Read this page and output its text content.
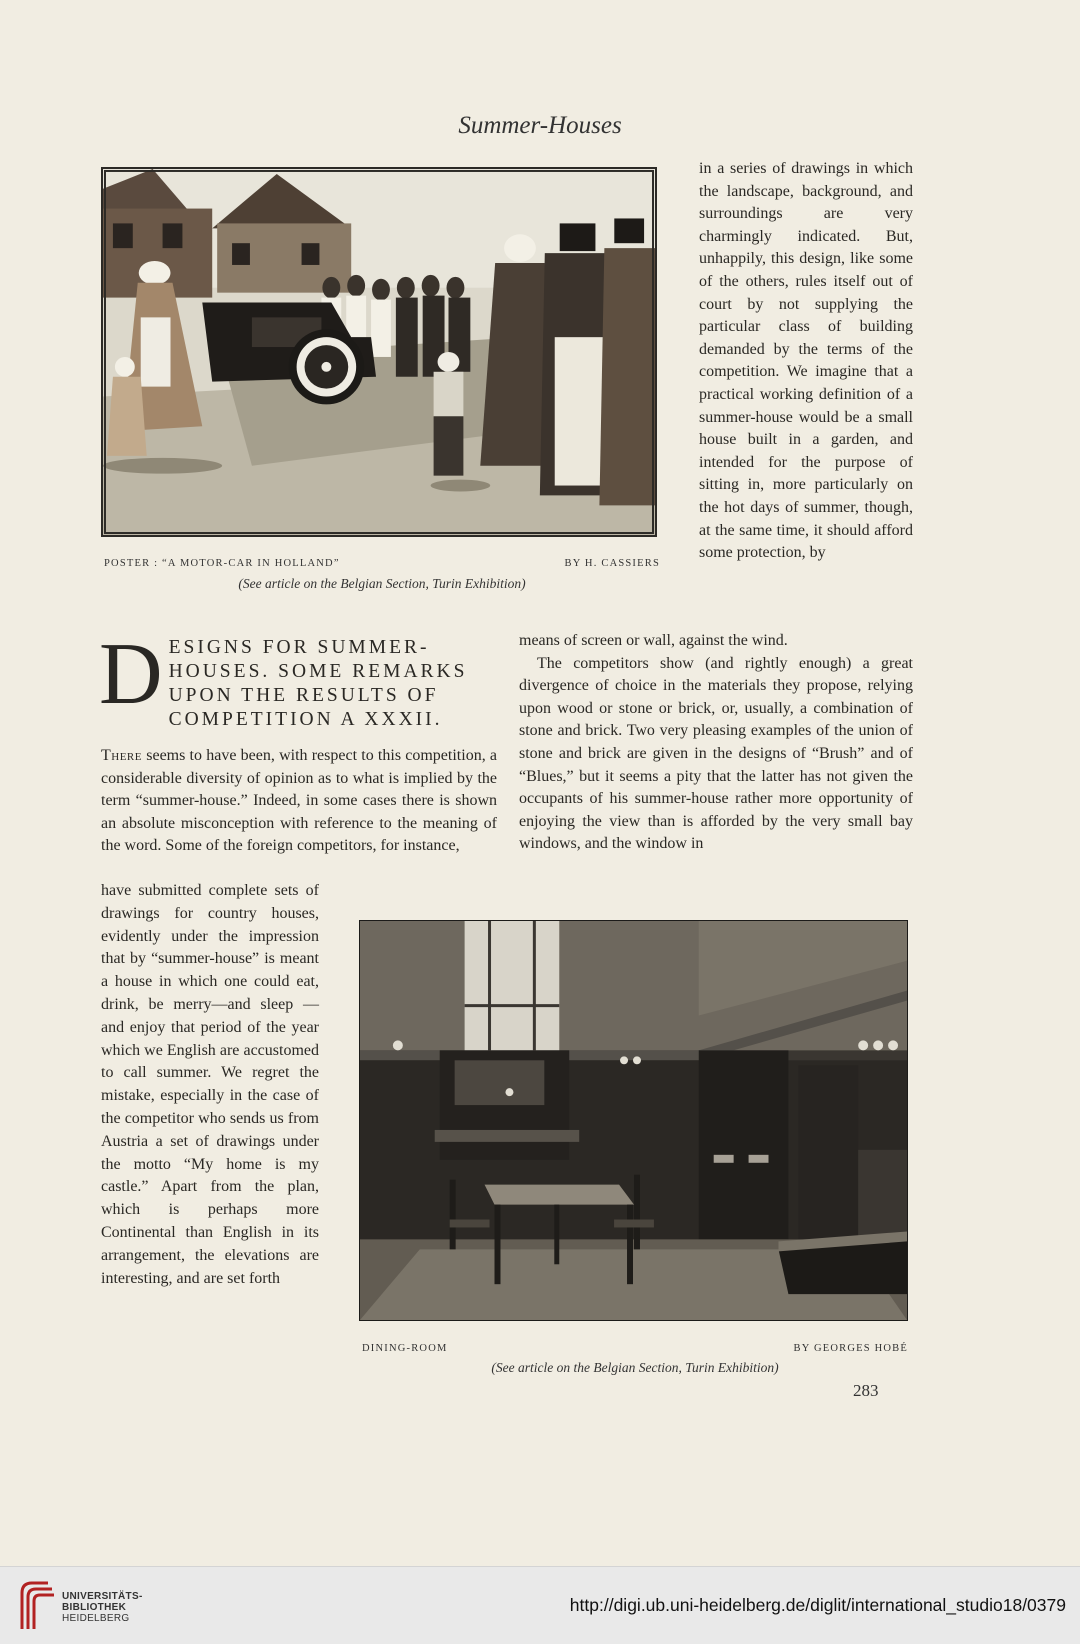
Summer-Houses
POSTER : “A MOTOR-CAR IN HOLLAND”	BY H. CASSIERS
(See article on the Belgian Section, Turin Exhibition)

in a series of drawings in which the landscape, background, and surroundings are very charmingly indicated. But, unhappily, this design, like some of the others, rules itself out of court by not supplying the particular class of building demanded by the terms of the competition. We imagine that a practical working definition of a summer-house would be a small house built in a garden, and intended for the purpose of sitting in, more particularly on the hot days of summer, though, at the same time, it should afford some protection, by

D ESIGNS FOR SUMMER-HOUSES. SOME REMARKS UPON THE RESULTS OF COMPETITION A XXXII.
There seems to have been, with respect to this competition, a considerable diversity of opinion as to what is implied by the term “summer-house.” Indeed, in some cases there is shown an absolute misconception with reference to the meaning of the word. Some of the foreign competitors, for instance,
have submitted complete sets of drawings for country houses, evidently under the impression that by “summer-house” is meant a house in which one could eat, drink, be merry—and sleep — and enjoy that period of the year which we English are accustomed to call summer. We regret the mistake, especially in the case of the competitor who sends us from Austria a set of drawings under the motto “My home is my castle.” Apart from the plan, which is perhaps more Continental than English in its arrangement, the elevations are interesting, and are set forth

means of screen or wall, against the wind.

The competitors show (and rightly enough) a great divergence of choice in the materials they propose, relying upon wood or stone or brick, or, usually, a combination of stone and brick. Two very pleasing examples of the union of stone and brick are given in the designs of “Brush” and of “Blues,” but it seems a pity that the latter has not given the occupants of his summer-house rather more opportunity of enjoying the view than is afforded by the very small bay windows, and the window in

DINING-ROOM	BY GEORGES HOBÉ
(See article on the Belgian Section, Turin Exhibition)
283
UNIVERSITÄTS-
BIBLIOTHEK
HEIDELBERG
http://digi.ub.uni-heidelberg.de/diglit/international_studio18/0379
